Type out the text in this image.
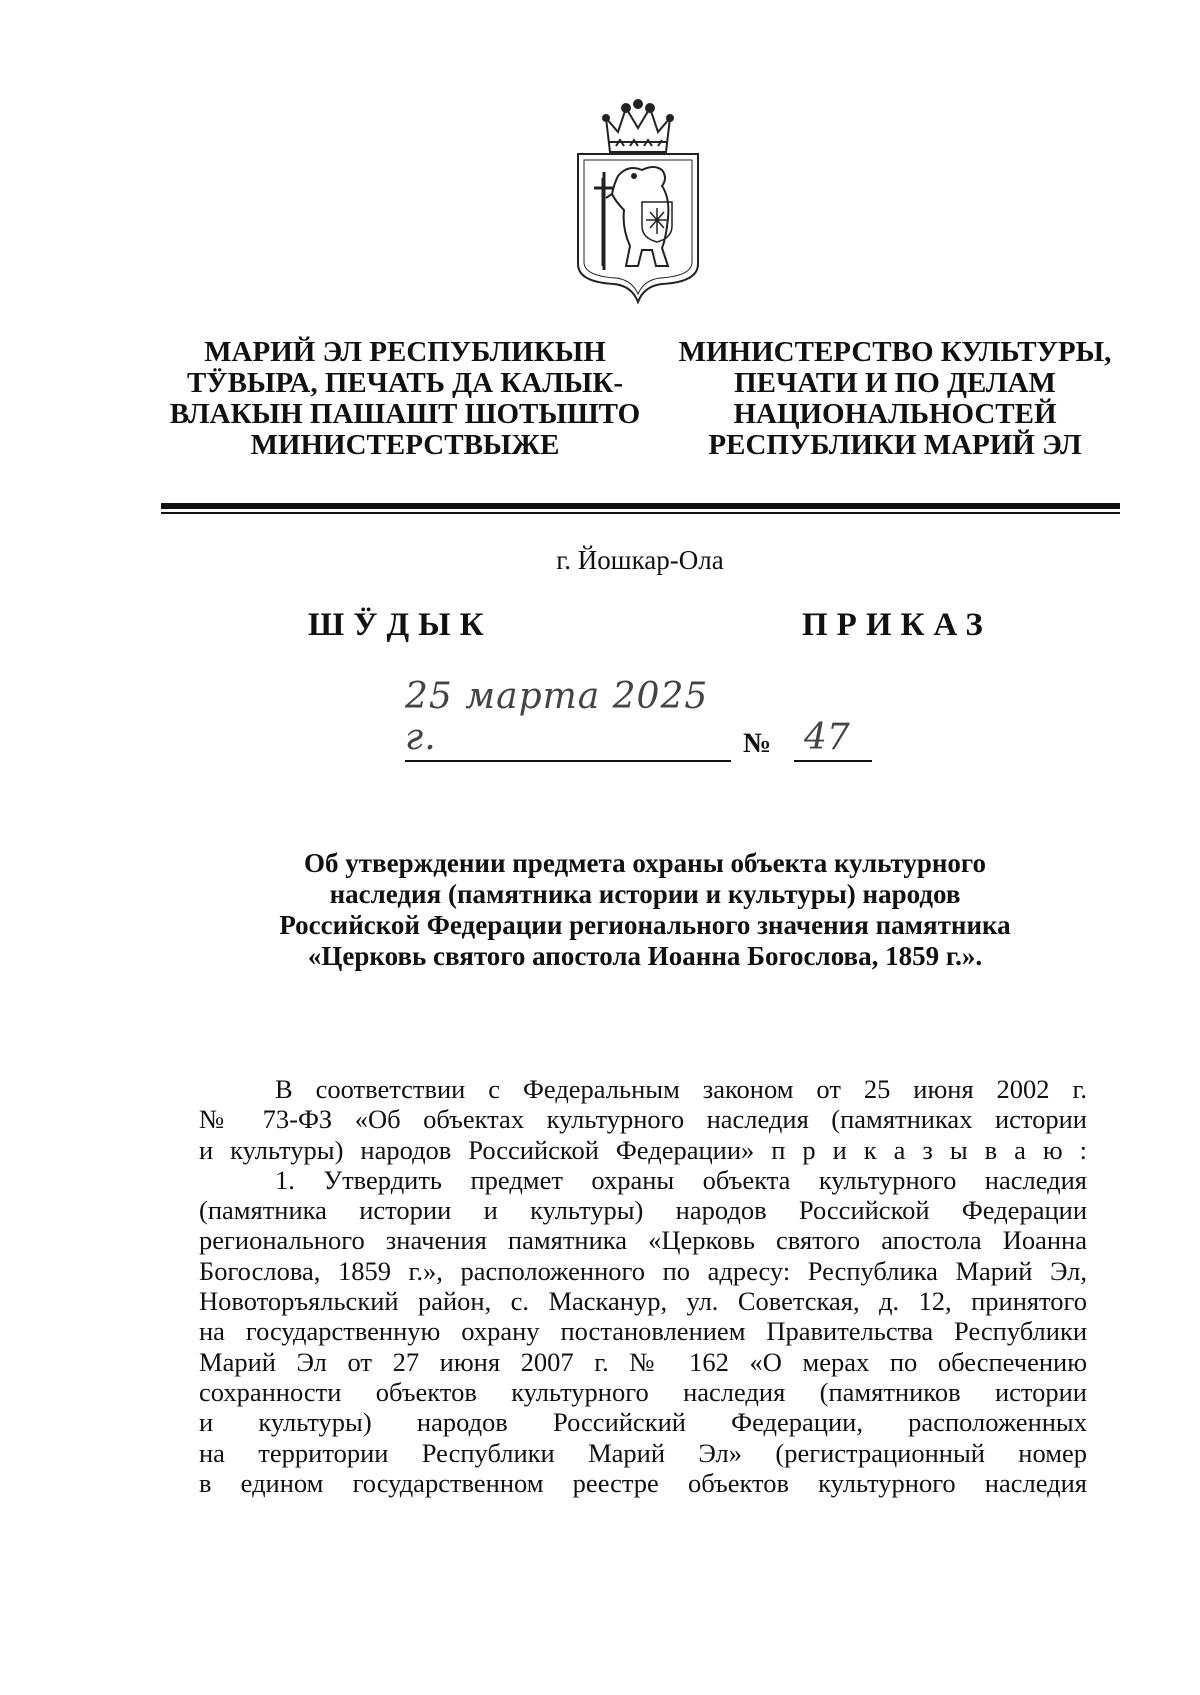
МАРИЙ ЭЛ РЕСПУБЛИКЫН
ТӰВЫРА, ПЕЧАТЬ ДА КАЛЫК-
ВЛАКЫН ПАШАШТ ШОТЫШТО
МИНИСТЕРСТВЫЖЕ
МИНИСТЕРСТВО КУЛЬТУРЫ,
ПЕЧАТИ И ПО ДЕЛАМ
НАЦИОНАЛЬНОСТЕЙ
РЕСПУБЛИКИ МАРИЙ ЭЛ
г. Йошкар-Ола
ШӰДЫК	ПРИКАЗ
25 марта 2025 г.	№ 47
Об утверждении предмета охраны объекта культурного
наследия (памятника истории и культуры) народов
Российской Федерации регионального значения памятника
«Церковь святого апостола Иоанна Богослова, 1859 г.».
В соответствии с Федеральным законом от 25 июня 2002 г.
№ 73-ФЗ «Об объектах культурного наследия (памятниках истории
и культуры) народов Российской Федерации» п р и к а з ы в а ю :
1. Утвердить предмет охраны объекта культурного наследия
(памятника истории и культуры) народов Российской Федерации
регионального значения памятника «Церковь святого апостола Иоанна
Богослова, 1859 г.», расположенного по адресу: Республика Марий Эл,
Новоторъяльский район, с. Масканур, ул. Советская, д. 12, принятого
на государственную охрану постановлением Правительства Республики
Марий Эл от 27 июня 2007 г. № 162 «О мерах по обеспечению
сохранности объектов культурного наследия (памятников истории
и культуры) народов Российский Федерации, расположенных
на территории Республики Марий Эл» (регистрационный номер
в едином государственном реестре объектов культурного наследия
